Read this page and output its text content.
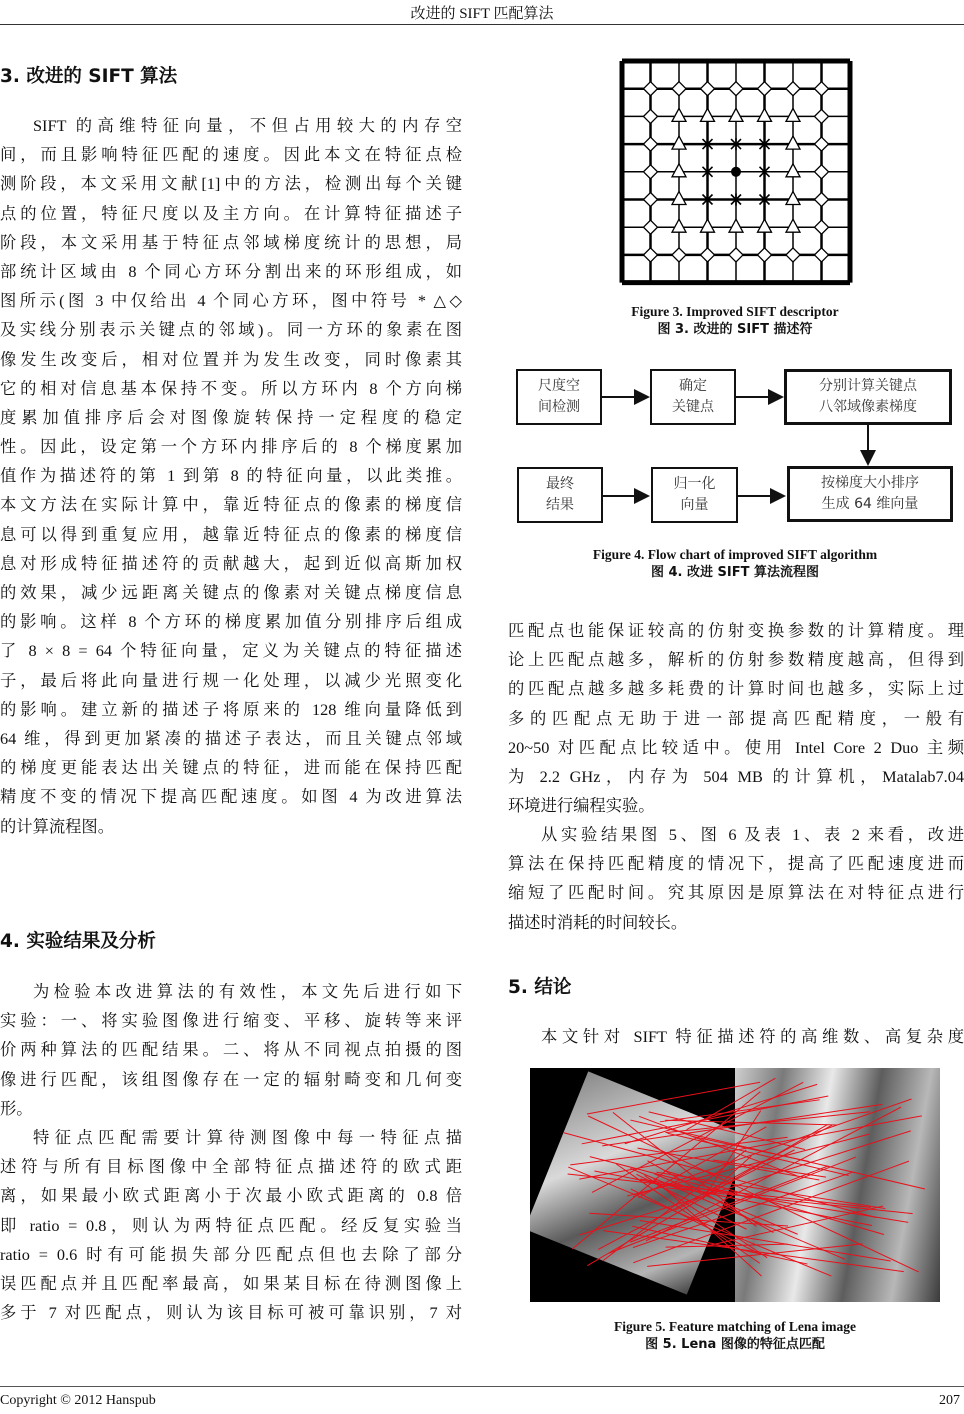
改进的 SIFT 匹配算法
3. 改进的 SIFT 算法
SIFT 的高维特征向量，不但占用较大的内存空
间，而且影响特征匹配的速度。因此本文在特征点检
测阶段，本文采用文献[1]中的方法，检测出每个关键
点的位置，特征尺度以及主方向。在计算特征描述子
阶段，本文采用基于特征点邻域梯度统计的思想，局
部统计区域由 8 个同心方环分割出来的环形组成，如
图所示(图 3 中仅给出 4 个同心方环，图中符号 * △◇
及实线分别表示关键点的邻域)。同一方环的象素在图
像发生改变后，相对位置并为发生改变，同时像素其
它的相对信息基本保持不变。所以方环内 8 个方向梯
度累加值排序后会对图像旋转保持一定程度的稳定
性。因此，设定第一个方环内排序后的 8 个梯度累加
值作为描述符的第 1 到第 8 的特征向量，以此类推。
本文方法在实际计算中，靠近特征点的像素的梯度信
息可以得到重复应用，越靠近特征点的像素的梯度信
息对形成特征描述符的贡献越大，起到近似高斯加权
的效果，减少远距离关键点的像素对关键点梯度信息
的影响。这样 8 个方环的梯度累加值分别排序后组成
了 8 × 8 = 64 个特征向量，定义为关键点的特征描述
子，最后将此向量进行规一化处理，以减少光照变化
的影响。建立新的描述子将原来的 128 维向量降低到
64 维，得到更加紧凑的描述子表达，而且关键点邻域
的梯度更能表达出关键点的特征，进而能在保持匹配
精度不变的情况下提高匹配速度。如图 4 为改进算法
的计算流程图。
4. 实验结果及分析
为检验本改进算法的有效性，本文先后进行如下
实验：一、将实验图像进行缩变、平移、旋转等来评
价两种算法的匹配结果。二、将从不同视点拍摄的图
像进行匹配，该组图像存在一定的辐射畸变和几何变
形。
特征点匹配需要计算待测图像中每一特征点描
述符与所有目标图像中全部特征点描述符的欧式距
离，如果最小欧式距离小于次最小欧式距离的 0.8 倍
即 ratio = 0.8，则认为两特征点匹配。经反复实验当
ratio = 0.6 时有可能损失部分匹配点但也去除了部分
误匹配点并且匹配率最高，如果某目标在待测图像上
多于 7 对匹配点，则认为该目标可被可靠识别，7 对
Figure 3. Improved SIFT descriptor
图 3. 改进的 SIFT 描述符
尺度空
间检测
确定
关键点
分别计算关键点
八邻域像素梯度
最终
结果
归一化
向量
按梯度大小排序
生成 64 维向量
Figure 4. Flow chart of improved SIFT algorithm
图 4. 改进 SIFT 算法流程图
匹配点也能保证较高的仿射变换参数的计算精度。理
论上匹配点越多，解析的仿射参数精度越高，但得到
的匹配点越多越多耗费的计算时间也越多，实际上过
多的匹配点无助于进一部提高匹配精度，一般有
20~50 对匹配点比较适中。使用 Intel Core 2 Duo 主频
为 2.2 GHz，内存为 504 MB 的计算机，Matalab7.04
环境进行编程实验。
从实验结果图 5、图 6 及表 1、表 2 来看，改进
算法在保持匹配精度的情况下，提高了匹配速度进而
缩短了匹配时间。究其原因是原算法在对特征点进行
描述时消耗的时间较长。
5. 结论
本文针对 SIFT 特征描述符的高维数、高复杂度
Figure 5. Feature matching of Lena image
图 5. Lena 图像的特征点匹配
Copyright © 2012 Hanspub	207
